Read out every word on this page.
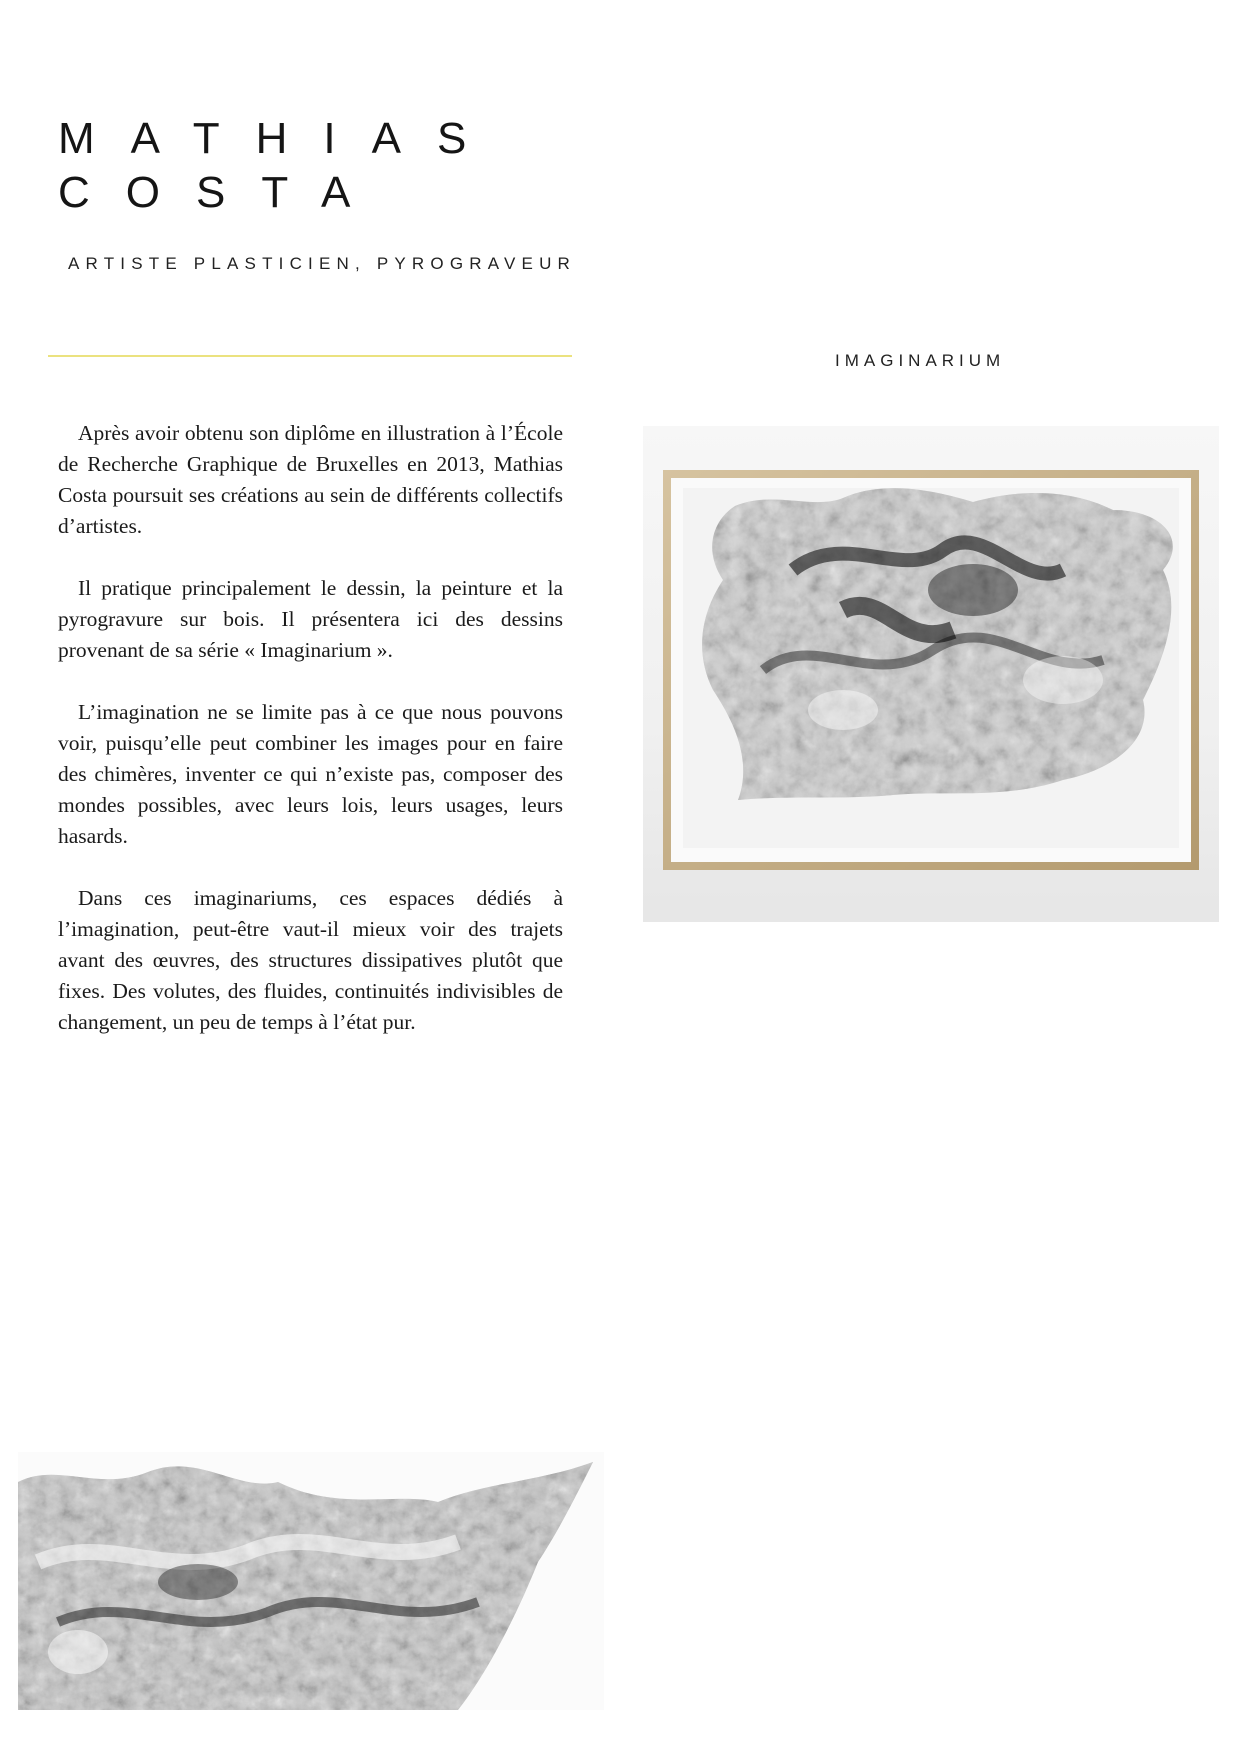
MATHIAS
COSTA
ARTISTE PLASTICIEN, PYROGRAVEUR
IMAGINARIUM

Après avoir obtenu son diplôme en illustration à l’École de Recherche Graphique de Bruxelles en 2013, Mathias Costa poursuit ses créations au sein de différents collectifs d’artistes.

Il pratique principalement le dessin, la peinture et la pyrogravure sur bois. Il présentera ici des dessins provenant de sa série « Imaginarium ».

L’imagination ne se limite pas à ce que nous pouvons voir, puisqu’elle peut combiner les images pour en faire des chimères, inventer ce qui n’existe pas, composer des mondes possibles, avec leurs lois, leurs usages, leurs hasards.

Dans ces imaginariums, ces espaces dédiés à l’imagination, peut-être vaut-il mieux voir des trajets avant des œuvres, des structures dissipatives plutôt que fixes. Des volutes, des fluides, continuités indivisibles de changement, un peu de temps à l’état pur.
